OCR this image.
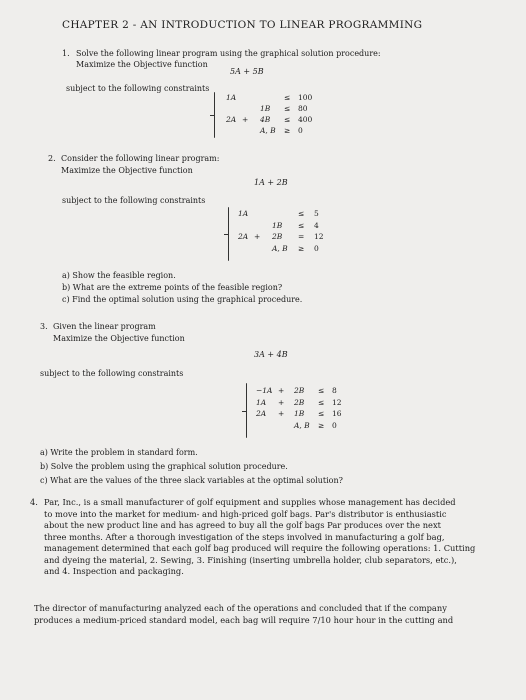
CHAPTER 2 - AN INTRODUCTION TO LINEAR PROGRAMMING
1. Solve the following linear program using the graphical solution procedure:
Maximize the Objective function
5A + 5B
subject to the following constraints
1A	≤ 100
1B ≤ 80
2A + 4B ≤ 400
A, B ≥ 0
2. Consider the following linear program:
Maximize the Objective function
1A + 2B
subject to the following constraints
1A	≤ 5
1B ≤ 4
2A + 2B = 12
A, B ≥ 0
a) Show the feasible region.
b) What are the extreme points of the feasible region?
c) Find the optimal solution using the graphical procedure.
3. Given the linear program
Maximize the Objective function
3A + 4B
subject to the following constraints
−1A + 2B ≤ 8
1A + 2B ≤ 12
2A + 1B ≤ 16
A, B ≥ 0
a) Write the problem in standard form.
b) Solve the problem using the graphical solution procedure.
c) What are the values of the three slack variables at the optimal solution?
4. Par, Inc., is a small manufacturer of golf equipment and supplies whose management has decided
to move into the market for medium- and high-priced golf bags. Par's distributor is enthusiastic
about the new product line and has agreed to buy all the golf bags Par produces over the next
three months. After a thorough investigation of the steps involved in manufacturing a golf bag,
management determined that each golf bag produced will require the following operations: 1. Cutting
and dyeing the material, 2. Sewing, 3. Finishing (inserting umbrella holder, club separators, etc.),
and 4. Inspection and packaging.
The director of manufacturing analyzed each of the operations and concluded that if the company
produces a medium-priced standard model, each bag will require 7/10 hour hour in the cutting and
